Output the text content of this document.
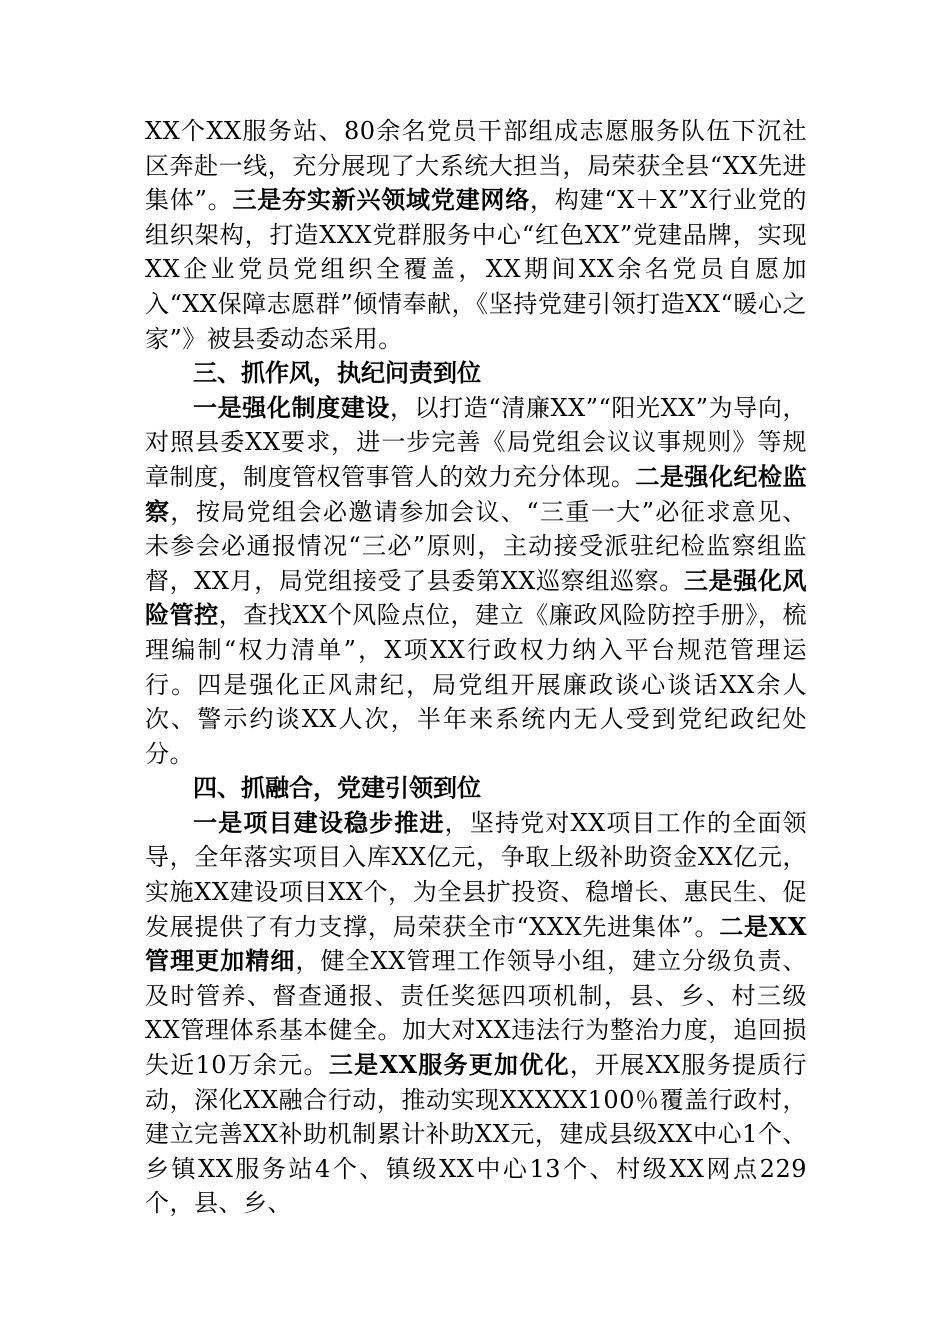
XX个XX服务站、80余名党员干部组成志愿服务队伍下沉社区奔赴一线，充分展现了大系统大担当，局荣获全县“XX先进集体”。三是夯实新兴领域党建网络，构建“X＋X”X行业党的组织架构，打造XXX党群服务中心“红色XX”党建品牌，实现XX企业党员党组织全覆盖，XX期间XX余名党员自愿加入“XX保障志愿群”倾情奉献，《坚持党建引领打造XX“暖心之家”》被县委动态采用。

三、抓作风，执纪问责到位

一是强化制度建设，以打造“清廉XX”“阳光XX”为导向，对照县委XX要求，进一步完善《局党组会议议事规则》等规章制度，制度管权管事管人的效力充分体现。二是强化纪检监察，按局党组会必邀请参加会议、“三重一大”必征求意见、未参会必通报情况“三必”原则，主动接受派驻纪检监察组监督，XX月，局党组接受了县委第XX巡察组巡察。三是强化风险管控，查找XX个风险点位，建立《廉政风险防控手册》，梳理编制“权力清单”，X项XX行政权力纳入平台规范管理运行。四是强化正风肃纪，局党组开展廉政谈心谈话XX余人次、警示约谈XX人次，半年来系统内无人受到党纪政纪处分。

四、抓融合，党建引领到位

一是项目建设稳步推进，坚持党对XX项目工作的全面领导，全年落实项目入库XX亿元，争取上级补助资金XX亿元，实施XX建设项目XX个，为全县扩投资、稳增长、惠民生、促发展提供了有力支撑，局荣获全市“XXX先进集体”。二是XX管理更加精细，健全XX管理工作领导小组，建立分级负责、及时管养、督查通报、责任奖惩四项机制，县、乡、村三级XX管理体系基本健全。加大对XX违法行为整治力度，追回损失近10万余元。三是XX服务更加优化，开展XX服务提质行动，深化XX融合行动，推动实现XXXXX100％覆盖行政村，建立完善XX补助机制累计补助XX元，建成县级XX中心1个、乡镇XX服务站4个、镇级XX中心13个、村级XX网点229个，县、乡、
